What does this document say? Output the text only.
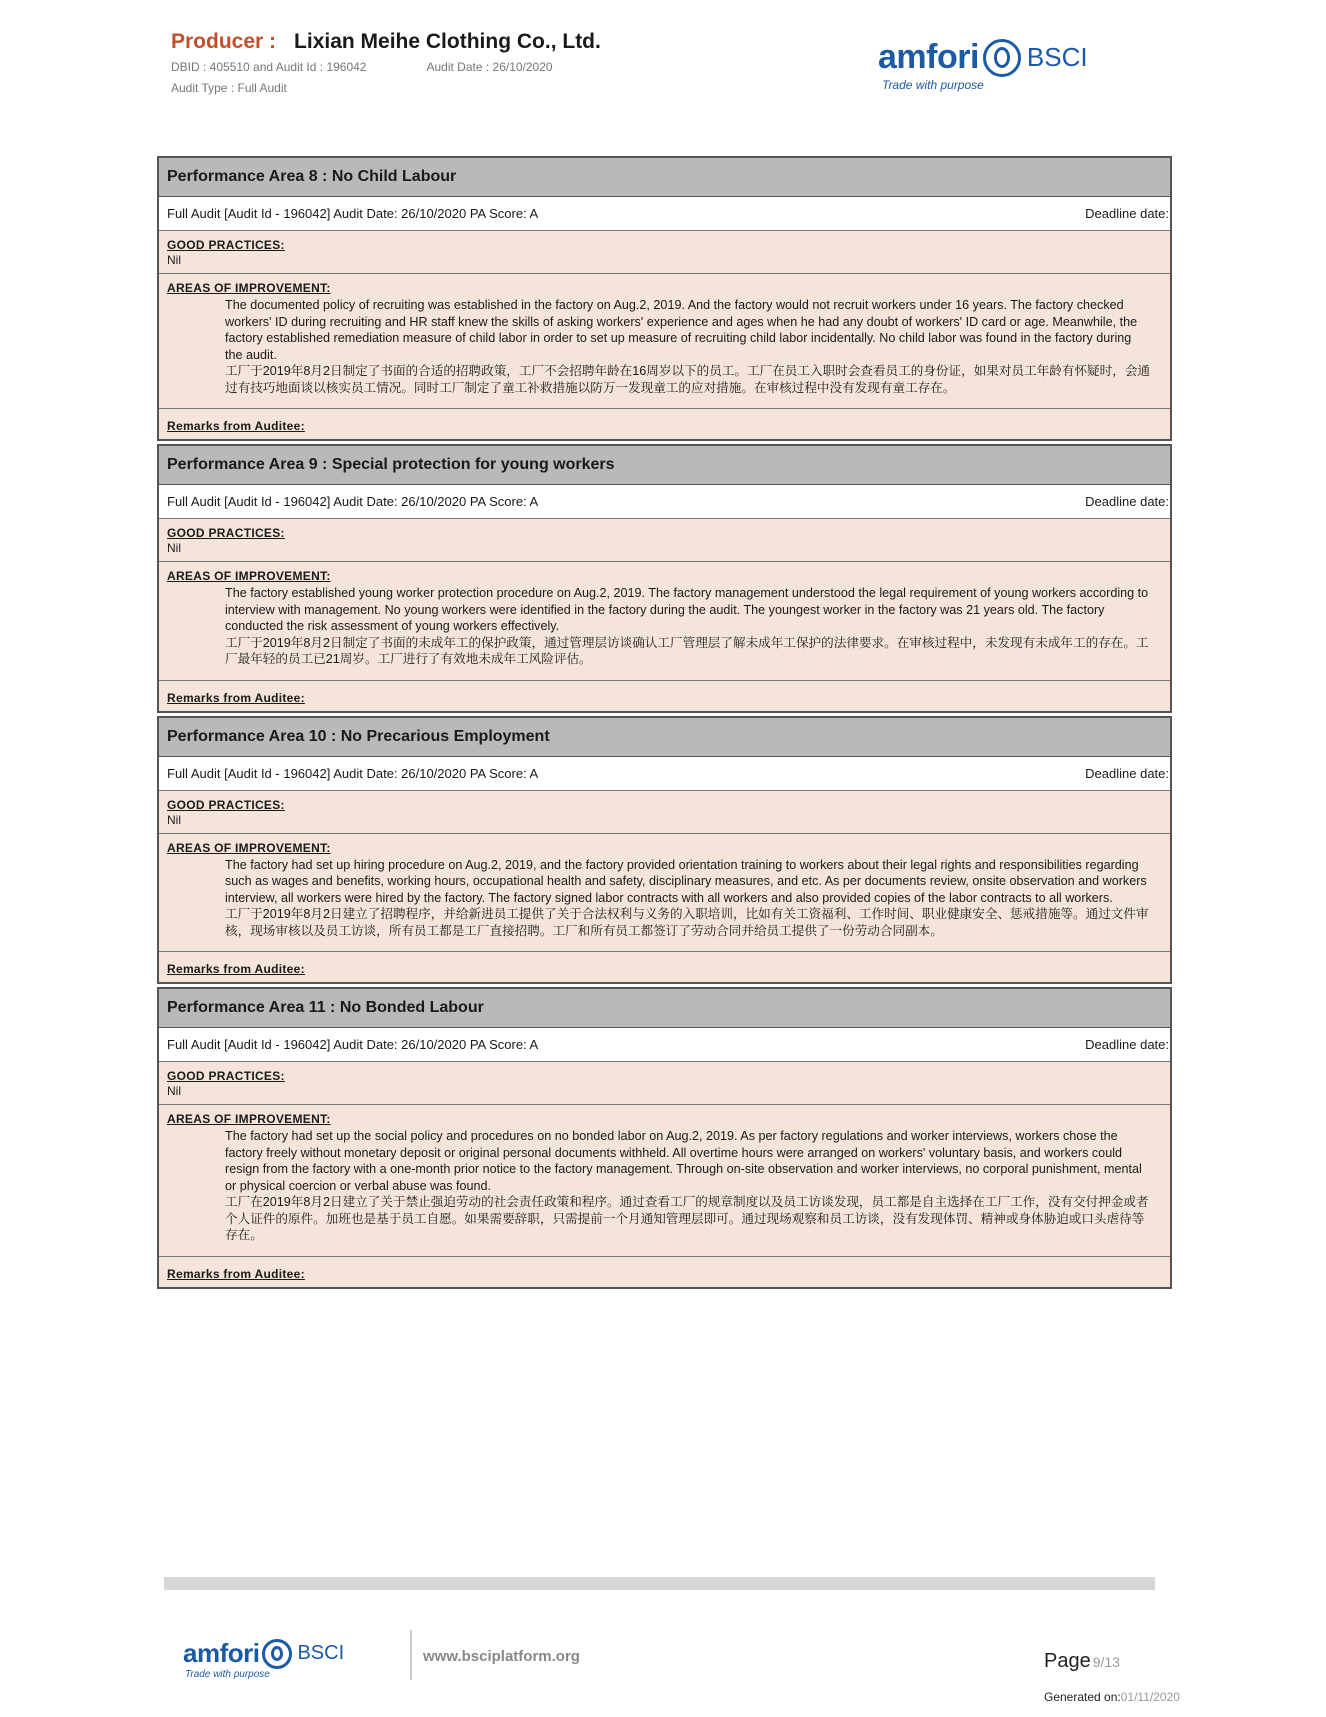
Producer : Lixian Meihe Clothing Co., Ltd.
DBID : 405510 and Audit Id : 196042	Audit Date : 26/10/2020
Audit Type : Full Audit
amfori BSCI
Trade with purpose
Performance Area 8 : No Child Labour
Full Audit [Audit Id - 196042] Audit Date: 26/10/2020 PA Score: A	Deadline date:
GOOD PRACTICES:
Nil
AREAS OF IMPROVEMENT:
The documented policy of recruiting was established in the factory on Aug.2, 2019. And the factory would not recruit workers under 16 years. The factory checked workers' ID during recruiting and HR staff knew the skills of asking workers' experience and ages when he had any doubt of workers' ID card or age. Meanwhile, the factory established remediation measure of child labor in order to set up measure of recruiting child labor incidentally. No child labor was found in the factory during the audit.
工厂于2019年8月2日制定了书面的合适的招聘政策，工厂不会招聘年龄在16周岁以下的员工。工厂在员工入职时会查看员工的身份证，如果对员工年龄有怀疑时，会通过有技巧地面谈以核实员工情况。同时工厂制定了童工补救措施以防万一发现童工的应对措施。在审核过程中没有发现有童工存在。
Remarks from Auditee:
Performance Area 9 : Special protection for young workers
Full Audit [Audit Id - 196042] Audit Date: 26/10/2020 PA Score: A	Deadline date:
GOOD PRACTICES:
Nil
AREAS OF IMPROVEMENT:
The factory established young worker protection procedure on Aug.2, 2019. The factory management understood the legal requirement of young workers according to interview with management. No young workers were identified in the factory during the audit. The youngest worker in the factory was 21 years old. The factory conducted the risk assessment of young workers effectively.
工厂于2019年8月2日制定了书面的未成年工的保护政策，通过管理层访谈确认工厂管理层了解未成年工保护的法律要求。在审核过程中，未发现有未成年工的存在。工厂最年轻的员工已21周岁。工厂进行了有效地未成年工风险评估。
Remarks from Auditee:
Performance Area 10 : No Precarious Employment
Full Audit [Audit Id - 196042] Audit Date: 26/10/2020 PA Score: A	Deadline date:
GOOD PRACTICES:
Nil
AREAS OF IMPROVEMENT:
The factory had set up hiring procedure on Aug.2, 2019, and the factory provided orientation training to workers about their legal rights and responsibilities regarding such as wages and benefits, working hours, occupational health and safety, disciplinary measures, and etc. As per documents review, onsite observation and workers interview, all workers were hired by the factory. The factory signed labor contracts with all workers and also provided copies of the labor contracts to all workers.
工厂于2019年8月2日建立了招聘程序，并给新进员工提供了关于合法权利与义务的入职培训，比如有关工资福利、工作时间、职业健康安全、惩戒措施等。通过文件审核，现场审核以及员工访谈，所有员工都是工厂直接招聘。工厂和所有员工都签订了劳动合同并给员工提供了一份劳动合同副本。
Remarks from Auditee:
Performance Area 11 : No Bonded Labour
Full Audit [Audit Id - 196042] Audit Date: 26/10/2020 PA Score: A	Deadline date:
GOOD PRACTICES:
Nil
AREAS OF IMPROVEMENT:
The factory had set up the social policy and procedures on no bonded labor on Aug.2, 2019. As per factory regulations and worker interviews, workers chose the factory freely without monetary deposit or original personal documents withheld. All overtime hours were arranged on workers' voluntary basis, and workers could resign from the factory with a one-month prior notice to the factory management. Through on-site observation and worker interviews, no corporal punishment, mental or physical coercion or verbal abuse was found.
工厂在2019年8月2日建立了关于禁止强迫劳动的社会责任政策和程序。通过查看工厂的规章制度以及员工访谈发现，员工都是自主选择在工厂工作，没有交付押金或者个人证件的原件。加班也是基于员工自愿。如果需要辞职，只需提前一个月通知管理层即可。通过现场观察和员工访谈，没有发现体罚、精神或身体胁迫或口头虐待等存在。
Remarks from Auditee:
amfori BSCI
Trade with purpose
www.bsciplatform.org	Page 9/13
Generated on:01/11/2020
